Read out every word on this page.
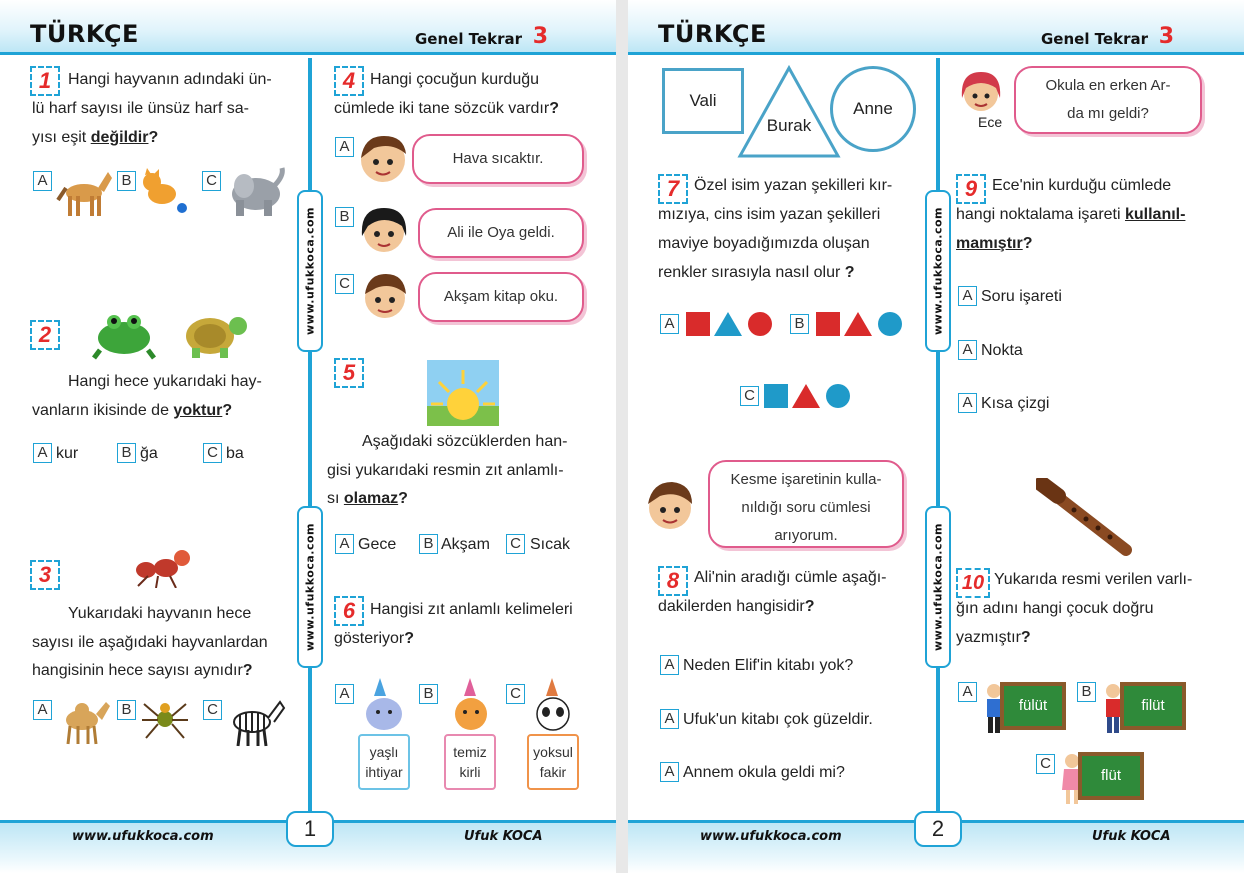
TÜRKÇE	Genel Tekrar 3
www.ufukkoca.com
www.ufukkoca.com
1	Hangi hayvanın adındaki ün-
lü harf sayısı ile ünsüz harf sa-
yısı eşit değildir?
A	B	C
2
Hangi hece yukarıdaki hay-
vanların ikisinde de yoktur?
A kur	B ğa	C ba
3
Yukarıdaki hayvanın hece
sayısı ile aşağıdaki hayvanlardan
hangisinin hece sayısı aynıdır?
A	B	C
4 Hangi çocuğun kurduğu
cümlede iki tane sözcük vardır?
A
Hava sıcaktır.
B
Ali ile Oya geldi.
C
Akşam kitap oku.
5
Aşağıdaki sözcüklerden han-
gisi yukarıdaki resmin zıt anlamlı-
sı olamaz?
A Gece B Akşam C Sıcak
6 Hangisi zıt anlamlı kelimeleri
gösteriyor?
A
yaşlı
ihtiyar
B
temiz
kirli
C
yoksul
fakir
www.ufukkoca.com	1	Ufuk KOCA
TÜRKÇE	Genel Tekrar 3
www.ufukkoca.com
www.ufukkoca.com
Vali
Burak
Anne
7 Özel isim yazan şekilleri kır-
mızıya, cins isim yazan şekilleri
maviye boyadığımızda oluşan
renkler sırasıyla nasıl olur ?
A	B
C
Kesme işaretinin kulla-
nıldığı soru cümlesi
arıyorum.
8 Ali'nin aradığı cümle aşağı-
dakilerden hangisidir?
A Neden Elif'in kitabı yok?
A Ufuk'un kitabı çok güzeldir.
A Annem okula geldi mi?
Ece
Okula en erken Ar-
da mı geldi?
9 Ece'nin kurduğu cümlede
hangi noktalama işareti kullanıl-
mamıştır?
A Soru işareti
A Nokta
A Kısa çizgi
10 Yukarıda resmi verilen varlı-
ğın adını hangi çocuk doğru
yazmıştır?
A
fülüt
B
filüt
C
flüt
www.ufukkoca.com	2	Ufuk KOCA
